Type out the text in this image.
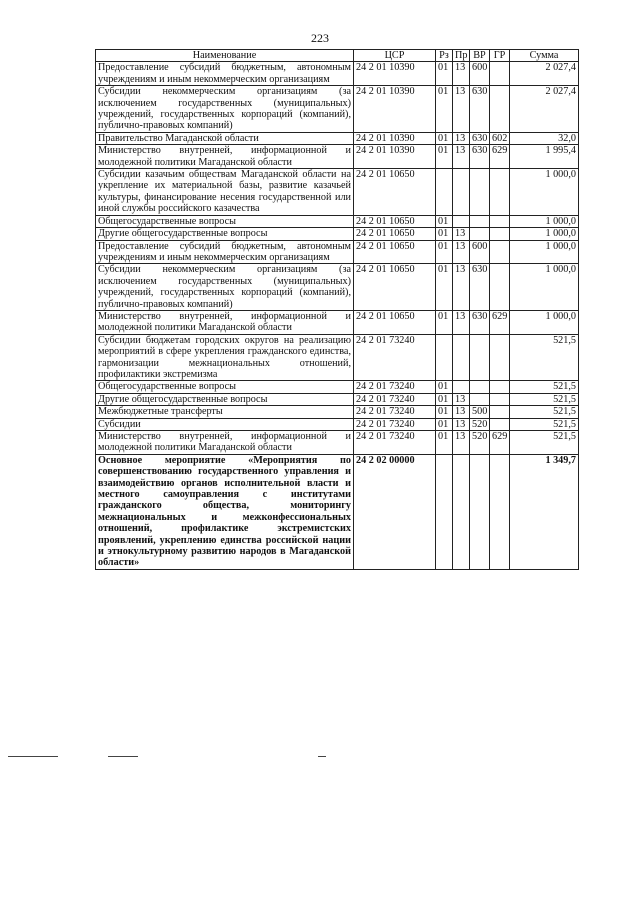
223
Наименование	ЦСР	Рз	Пр	ВР	ГР	Сумма
Предоставление субсидий бюджетным, автономным учреждениям и иным некоммерческим организациям	24 2 01 10390	01	13	600		2 027,4
Субсидии некоммерческим организациям (за исключением государственных (муниципальных) учреждений, государственных корпораций (компаний), публично-правовых компаний)	24 2 01 10390	01	13	630		2 027,4
Правительство Магаданской области	24 2 01 10390	01	13	630	602	32,0
Министерство внутренней, информационной и молодежной политики Магаданской области	24 2 01 10390	01	13	630	629	1 995,4
Субсидии казачьим обществам Магаданской области на укрепление их материальной базы, развитие казачьей культуры, финансирование несения государственной или иной службы российского казачества	24 2 01 10650					1 000,0
Общегосударственные вопросы	24 2 01 10650	01				1 000,0
Другие общегосударственные вопросы	24 2 01 10650	01	13			1 000,0
Предоставление субсидий бюджетным, автономным учреждениям и иным некоммерческим организациям	24 2 01 10650	01	13	600		1 000,0
Субсидии некоммерческим организациям (за исключением государственных (муниципальных) учреждений, государственных корпораций (компаний), публично-правовых компаний)	24 2 01 10650	01	13	630		1 000,0
Министерство внутренней, информационной и молодежной политики Магаданской области	24 2 01 10650	01	13	630	629	1 000,0
Субсидии бюджетам городских округов на реализацию мероприятий в сфере укрепления гражданского единства, гармонизации межнациональных отношений, профилактики экстремизма	24 2 01 73240					521,5
Общегосударственные вопросы	24 2 01 73240	01				521,5
Другие общегосударственные вопросы	24 2 01 73240	01	13			521,5
Межбюджетные трансферты	24 2 01 73240	01	13	500		521,5
Субсидии	24 2 01 73240	01	13	520		521,5
Министерство внутренней, информационной и молодежной политики Магаданской области	24 2 01 73240	01	13	520	629	521,5
Основное мероприятие «Мероприятия по совершенствованию государственного управления и взаимодействию органов исполнительной власти и местного самоуправления с институтами гражданского общества, мониторингу межнациональных и межконфессиональных отношений, профилактике экстремистских проявлений, укреплению единства российской нации и этнокультурному развитию народов в Магаданской области»	24 2 02 00000					1 349,7
